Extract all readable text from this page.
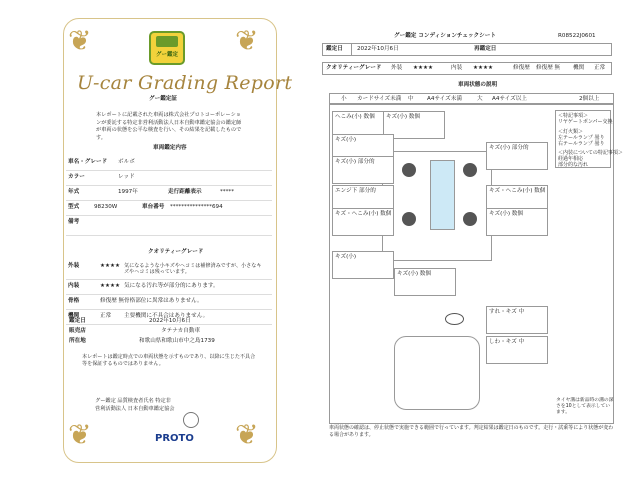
❦	❦
❦	❦
グー鑑定
U-car Grading Report
グー鑑定証
本レポートに記載された車両は株式会社プロトコーポレーションが委託する特定非営利活動法人日本自動車鑑定協会の鑑定師が車両の状態を公平な検査を行い、その結果を記載したものです。
車両鑑定内容
車名・グレード ボルボ
カラー	レッド
年式	1997年	走行距離表示	*****
型式	98230W	車台番号 ***************694
備考
クオリティーグレード
外装	★★★★ 気になるような小キズやヘコミは補修済みですが、小さなキズやヘコミは残っています。
内装	★★★★ 気になる汚れ等が部分的にあります。
骨格	修復歴 無 骨格部位に異常はありません。
機関	正常 主要機関に不具合はありません。
鑑定日	2022年10月6日
販売店	タテナカ自動車
所在地	和歌山県和歌山市中之島1739
本レポートは鑑定時点での車両状態を示すものであり、以降に生じた不具合等を保証するものではありません。
グー鑑定 品質検査者氏名 特定非営利活動法人 日本自動車鑑定協会
PROTO
グー鑑定 コンディションチェックシート	R08522J0601
鑑定日	2022年10月6日	再鑑定日
クオリティーグレード 外装 ★★★★	内装 ★★★★	修復歴 修復歴 無 機関 正常
車両状態の説明
小 カードサイズ未満 中 A4サイズ未満	大 A4サイズ以上	2個以上
へこみ(小) 数個 キズ(小) 数個
キズ(小)
キズ(小) 部分的
キズ(小) 部分的
エンジ下 部分的	キズ・へこみ(小) 数個
キズ・へこみ(小) 数個	キズ(小) 数個
キズ(小)
キズ(小) 数個
＜特記事項＞
リヤゲートボンパー交換
＜灯火類＞
左テールランプ 曇り
右テールランプ 曇り
＜内装についての特記事項＞
経過年相応
部分的な汚れ
すれ・キズ 中
しわ・キズ 中
タイヤ溝は新品時の溝の深さを10として表示しています。
車両状態の確認は、停止状態で実施できる範囲で行っています。判定結果は鑑定日のものです。走行・試乗等により状態が変わる場合があります。
